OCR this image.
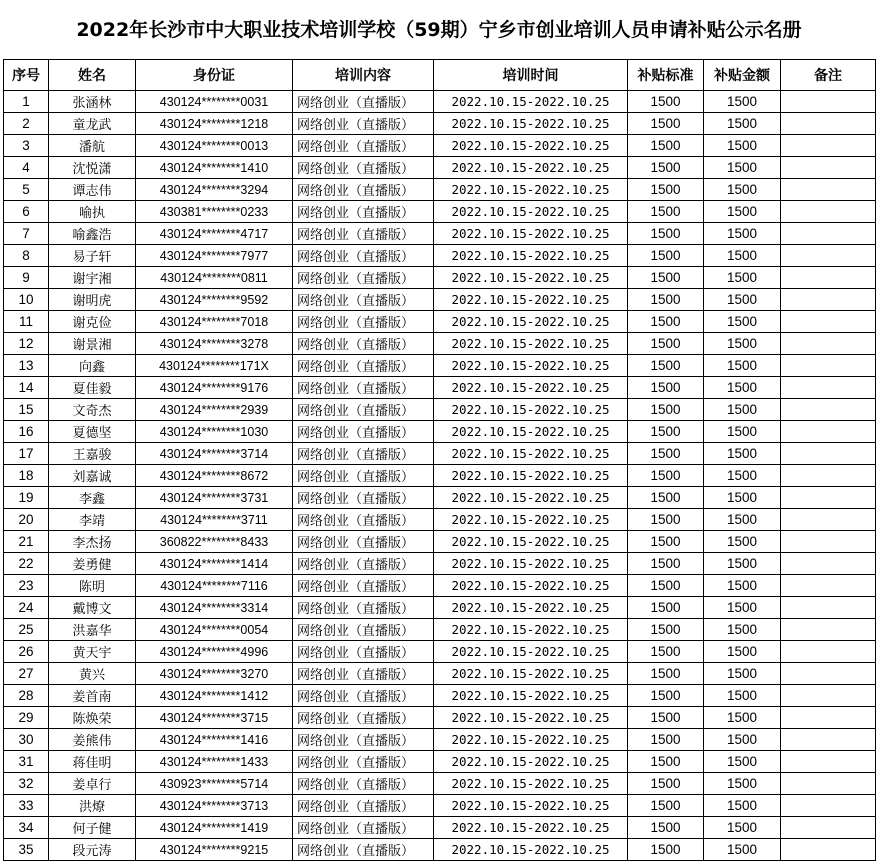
2022年长沙市中大职业技术培训学校（59期）宁乡市创业培训人员申请补贴公示名册
序号	姓名	身份证	培训内容	培训时间	补贴标准	补贴金额	备注
1	张涵林	430124********0031	网络创业（直播版）	2022.10.15-2022.10.25	1500	1500	
2	童龙武	430124********1218	网络创业（直播版）	2022.10.15-2022.10.25	1500	1500	
3	潘航	430124********0013	网络创业（直播版）	2022.10.15-2022.10.25	1500	1500	
4	沈悦潇	430124********1410	网络创业（直播版）	2022.10.15-2022.10.25	1500	1500	
5	谭志伟	430124********3294	网络创业（直播版）	2022.10.15-2022.10.25	1500	1500	
6	喻执	430381********0233	网络创业（直播版）	2022.10.15-2022.10.25	1500	1500	
7	喻鑫浩	430124********4717	网络创业（直播版）	2022.10.15-2022.10.25	1500	1500	
8	易子轩	430124********7977	网络创业（直播版）	2022.10.15-2022.10.25	1500	1500	
9	谢宇湘	430124********0811	网络创业（直播版）	2022.10.15-2022.10.25	1500	1500	
10	谢明虎	430124********9592	网络创业（直播版）	2022.10.15-2022.10.25	1500	1500	
11	谢克俭	430124********7018	网络创业（直播版）	2022.10.15-2022.10.25	1500	1500	
12	谢景湘	430124********3278	网络创业（直播版）	2022.10.15-2022.10.25	1500	1500	
13	向鑫	430124********171X	网络创业（直播版）	2022.10.15-2022.10.25	1500	1500	
14	夏佳毅	430124********9176	网络创业（直播版）	2022.10.15-2022.10.25	1500	1500	
15	文奇杰	430124********2939	网络创业（直播版）	2022.10.15-2022.10.25	1500	1500	
16	夏德坚	430124********1030	网络创业（直播版）	2022.10.15-2022.10.25	1500	1500	
17	王嘉骏	430124********3714	网络创业（直播版）	2022.10.15-2022.10.25	1500	1500	
18	刘嘉诚	430124********8672	网络创业（直播版）	2022.10.15-2022.10.25	1500	1500	
19	李鑫	430124********3731	网络创业（直播版）	2022.10.15-2022.10.25	1500	1500	
20	李靖	430124********3711	网络创业（直播版）	2022.10.15-2022.10.25	1500	1500	
21	李杰扬	360822********8433	网络创业（直播版）	2022.10.15-2022.10.25	1500	1500	
22	姜勇健	430124********1414	网络创业（直播版）	2022.10.15-2022.10.25	1500	1500	
23	陈明	430124********7116	网络创业（直播版）	2022.10.15-2022.10.25	1500	1500	
24	戴博文	430124********3314	网络创业（直播版）	2022.10.15-2022.10.25	1500	1500	
25	洪嘉华	430124********0054	网络创业（直播版）	2022.10.15-2022.10.25	1500	1500	
26	黄天宇	430124********4996	网络创业（直播版）	2022.10.15-2022.10.25	1500	1500	
27	黄兴	430124********3270	网络创业（直播版）	2022.10.15-2022.10.25	1500	1500	
28	姜首南	430124********1412	网络创业（直播版）	2022.10.15-2022.10.25	1500	1500	
29	陈焕荣	430124********3715	网络创业（直播版）	2022.10.15-2022.10.25	1500	1500	
30	姜熊伟	430124********1416	网络创业（直播版）	2022.10.15-2022.10.25	1500	1500	
31	蒋佳明	430124********1433	网络创业（直播版）	2022.10.15-2022.10.25	1500	1500	
32	姜卓行	430923********5714	网络创业（直播版）	2022.10.15-2022.10.25	1500	1500	
33	洪燎	430124********3713	网络创业（直播版）	2022.10.15-2022.10.25	1500	1500	
34	何子健	430124********1419	网络创业（直播版）	2022.10.15-2022.10.25	1500	1500	
35	段元涛	430124********9215	网络创业（直播版）	2022.10.15-2022.10.25	1500	1500	
